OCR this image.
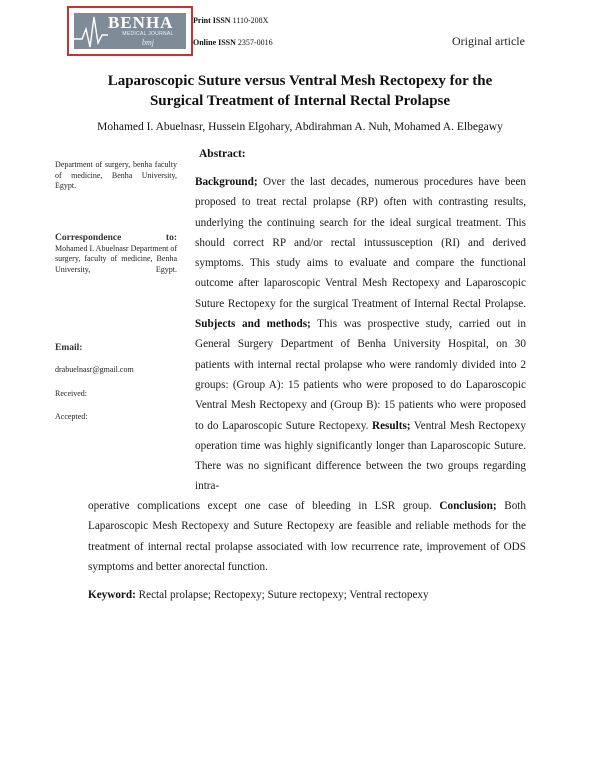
BENHA
MEDICAL JOURNAL
bmj
Print ISSN 1110-208X
Online ISSN 2357-0016	Original article
Laparoscopic Suture versus Ventral Mesh Rectopexy for the
Surgical Treatment of Internal Rectal Prolapse
Mohamed I. Abuelnasr, Hussein Elgohary, Abdirahman A. Nuh, Mohamed A. Elbegawy
Department of surgery, benha faculty of medicine, Benha University, Egypt.
Correspondence to:
Mohamed I. Abuelnasr Department of surgery, faculty of medicine, Benha University, Egypt.
Email:
drabuelnasr@gmail.com
Received:
Accepted:
Abstract:
Background; Over the last decades, numerous procedures have been proposed to treat rectal prolapse (RP) often with contrasting results, underlying the continuing search for the ideal surgical treatment. This should correct RP and/or rectal intussusception (RI) and derived symptoms. This study aims to evaluate and compare the functional outcome after laparoscopic Ventral Mesh Rectopexy and Laparoscopic Suture Rectopexy for the surgical Treatment of Internal Rectal Prolapse. Subjects and methods; This was prospective study, carried out in General Surgery Department of Benha University Hospital, on 30 patients with internal rectal prolapse who were randomly divided into 2 groups: (Group A): 15 patients who were proposed to do Laparoscopic Ventral Mesh Rectopexy and (Group B): 15 patients who were proposed to do Laparoscopic Suture Rectopexy. Results; Ventral Mesh Rectopexy operation time was highly significantly longer than Laparoscopic Suture. There was no significant difference between the two groups regarding intra-
operative complications except one case of bleeding in LSR group. Conclusion; Both Laparoscopic Mesh Rectopexy and Suture Rectopexy are feasible and reliable methods for the treatment of internal rectal prolapse associated with low recurrence rate, improvement of ODS symptoms and better anorectal function.
Keyword: Rectal prolapse; Rectopexy; Suture rectopexy; Ventral rectopexy
